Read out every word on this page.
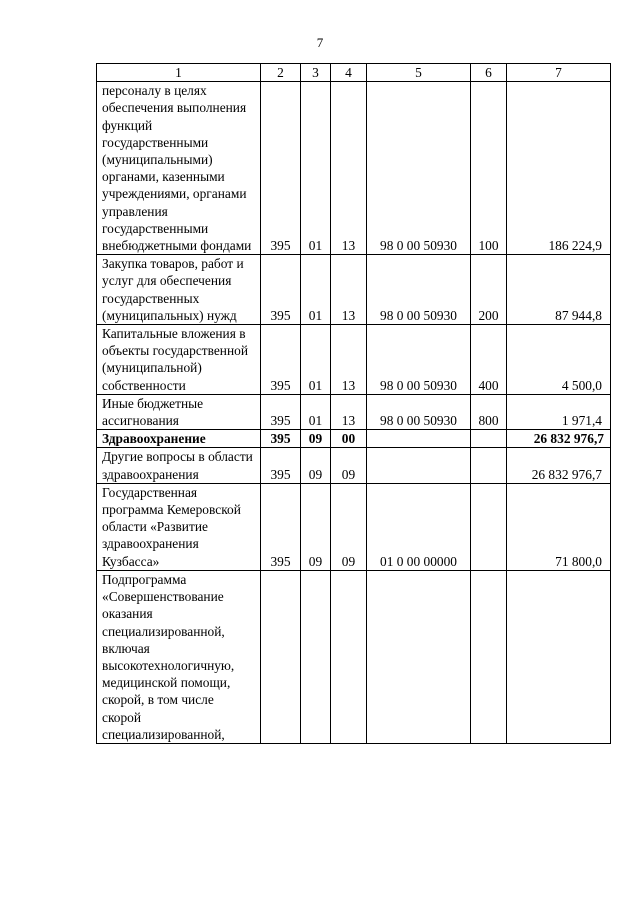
7
1	2	3	4	5	6	7
персоналу в целях обеспечения выполнения функций государственными (муниципальными) органами, казенными учреждениями, органами управления государственными внебюджетными фондами	395	01	13	98 0 00 50930	100	186 224,9
Закупка товаров, работ и услуг для обеспечения государственных (муниципальных) нужд	395	01	13	98 0 00 50930	200	87 944,8
Капитальные вложения в объекты государственной (муниципальной) собственности	395	01	13	98 0 00 50930	400	4 500,0
Иные бюджетные ассигнования	395	01	13	98 0 00 50930	800	1 971,4
Здравоохранение	395	09	00			26 832 976,7
Другие вопросы в области здравоохранения	395	09	09			26 832 976,7
Государственная программа Кемеровской области «Развитие здравоохранения Кузбасса»	395	09	09	01 0 00 00000		71 800,0
Подпрограмма «Совершенствование оказания специализированной, включая высокотехнологичную, медицинской помощи, скорой, в том числе скорой специализированной,						
